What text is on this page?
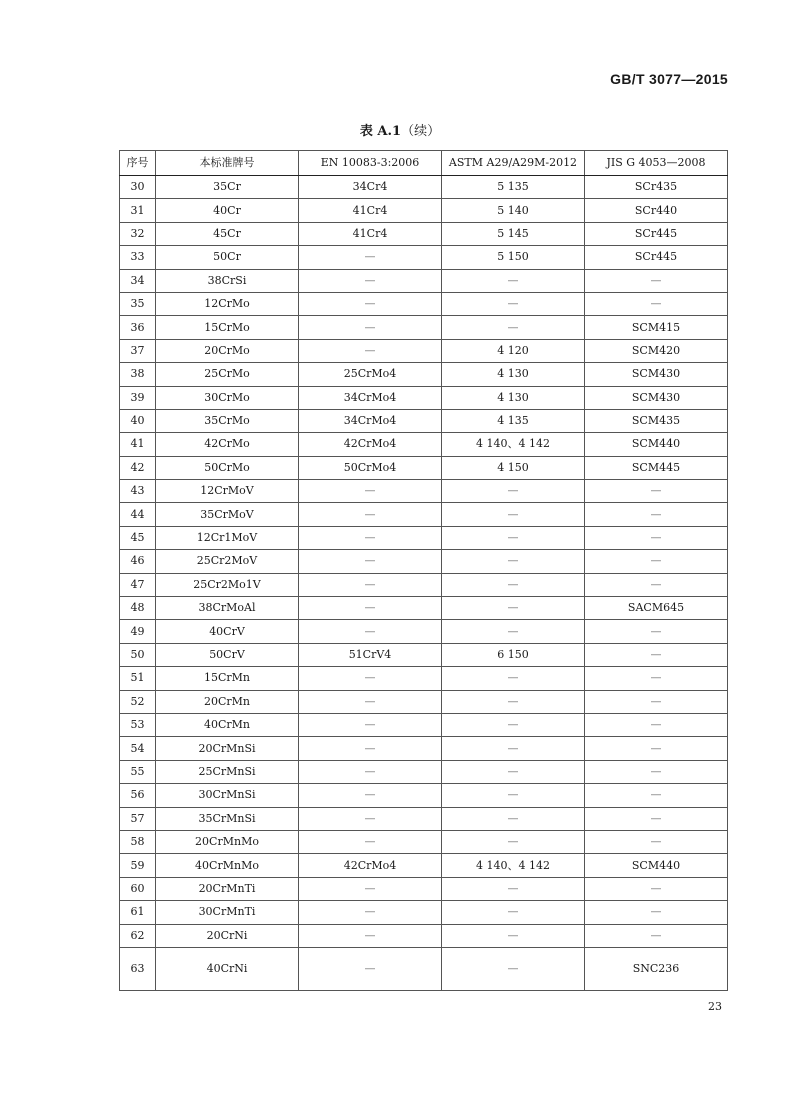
GB/T 3077—2015
表 A.1（续）
序号	本标准牌号	EN 10083-3:2006	ASTM A29/A29M-2012	JIS G 4053—2008
30	35Cr	34Cr4	5 135	SCr435
31	40Cr	41Cr4	5 140	SCr440
32	45Cr	41Cr4	5 145	SCr445
33	50Cr	—	5 150	SCr445
34	38CrSi	—	—	—
35	12CrMo	—	—	—
36	15CrMo	—	—	SCM415
37	20CrMo	—	4 120	SCM420
38	25CrMo	25CrMo4	4 130	SCM430
39	30CrMo	34CrMo4	4 130	SCM430
40	35CrMo	34CrMo4	4 135	SCM435
41	42CrMo	42CrMo4	4 140、4 142	SCM440
42	50CrMo	50CrMo4	4 150	SCM445
43	12CrMoV	—	—	—
44	35CrMoV	—	—	—
45	12Cr1MoV	—	—	—
46	25Cr2MoV	—	—	—
47	25Cr2Mo1V	—	—	—
48	38CrMoAl	—	—	SACM645
49	40CrV	—	—	—
50	50CrV	51CrV4	6 150	—
51	15CrMn	—	—	—
52	20CrMn	—	—	—
53	40CrMn	—	—	—
54	20CrMnSi	—	—	—
55	25CrMnSi	—	—	—
56	30CrMnSi	—	—	—
57	35CrMnSi	—	—	—
58	20CrMnMo	—	—	—
59	40CrMnMo	42CrMo4	4 140、4 142	SCM440
60	20CrMnTi	—	—	—
61	30CrMnTi	—	—	—
62	20CrNi	—	—	—
63	40CrNi	—	—	SNC236
23
